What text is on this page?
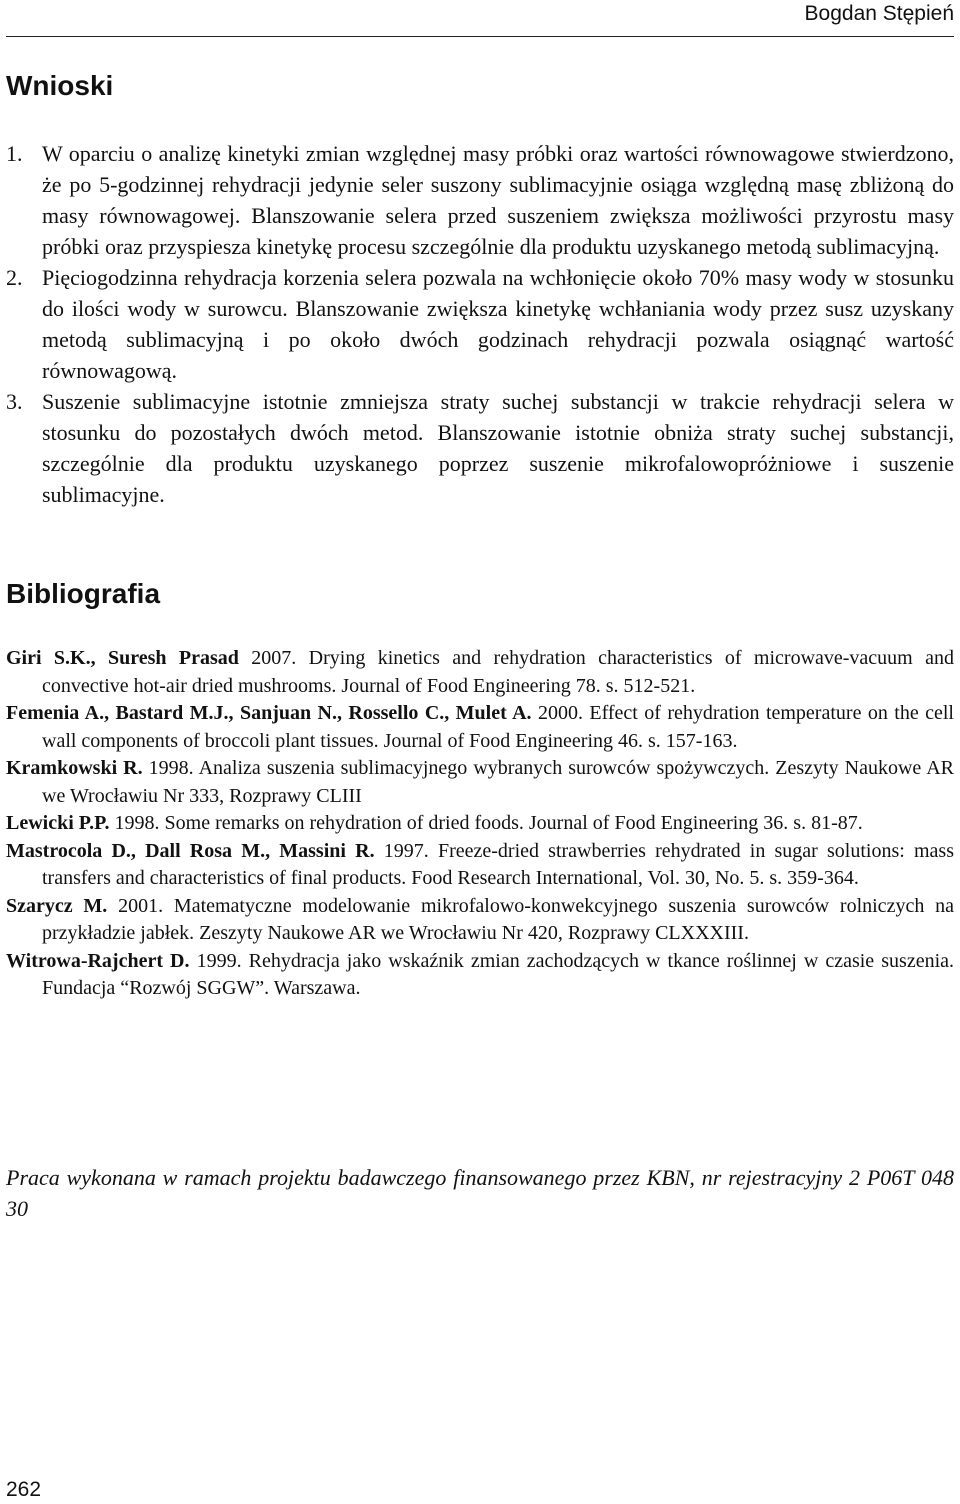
Bogdan Stępień
Wnioski

1. W oparciu o analizę kinetyki zmian względnej masy próbki oraz wartości równowagowe stwierdzono, że po 5-godzinnej rehydracji jedynie seler suszony sublimacyjnie osiąga względną masę zbliżoną do masy równowagowej. Blanszowanie selera przed suszeniem zwiększa możliwości przyrostu masy próbki oraz przyspiesza kinetykę procesu szczególnie dla produktu uzyskanego metodą sublimacyjną.

2. Pięciogodzinna rehydracja korzenia selera pozwala na wchłonięcie około 70% masy wody w stosunku do ilości wody w surowcu. Blanszowanie zwiększa kinetykę wchłaniania wody przez susz uzyskany metodą sublimacyjną i po około dwóch godzinach rehydracji pozwala osiągnąć wartość równowagową.

3. Suszenie sublimacyjne istotnie zmniejsza straty suchej substancji w trakcie rehydracji selera w stosunku do pozostałych dwóch metod. Blanszowanie istotnie obniża straty suchej substancji, szczególnie dla produktu uzyskanego poprzez suszenie mikrofalowopróżniowe i suszenie sublimacyjne.

Bibliografia

Giri S.K., Suresh Prasad 2007. Drying kinetics and rehydration characteristics of microwave-vacuum and convective hot-air dried mushrooms. Journal of Food Engineering 78. s. 512-521.

Femenia A., Bastard M.J., Sanjuan N., Rossello C., Mulet A. 2000. Effect of rehydration temperature on the cell wall components of broccoli plant tissues. Journal of Food Engineering 46. s. 157-163.

Kramkowski R. 1998. Analiza suszenia sublimacyjnego wybranych surowców spożywczych. Zeszyty Naukowe AR we Wrocławiu Nr 333, Rozprawy CLIII

Lewicki P.P. 1998. Some remarks on rehydration of dried foods. Journal of Food Engineering 36. s. 81-87.

Mastrocola D., Dall Rosa M., Massini R. 1997. Freeze-dried strawberries rehydrated in sugar solutions: mass transfers and characteristics of final products. Food Research International, Vol. 30, No. 5. s. 359-364.

Szarycz M. 2001. Matematyczne modelowanie mikrofalowo-konwekcyjnego suszenia surowców rolniczych na przykładzie jabłek. Zeszyty Naukowe AR we Wrocławiu Nr 420, Rozprawy CLXXXIII.

Witrowa-Rajchert D. 1999. Rehydracja jako wskaźnik zmian zachodzących w tkance roślinnej w czasie suszenia. Fundacja “Rozwój SGGW”. Warszawa.

Praca wykonana w ramach projektu badawczego finansowanego przez KBN, nr rejestracyjny 2 P06T 048 30

262
